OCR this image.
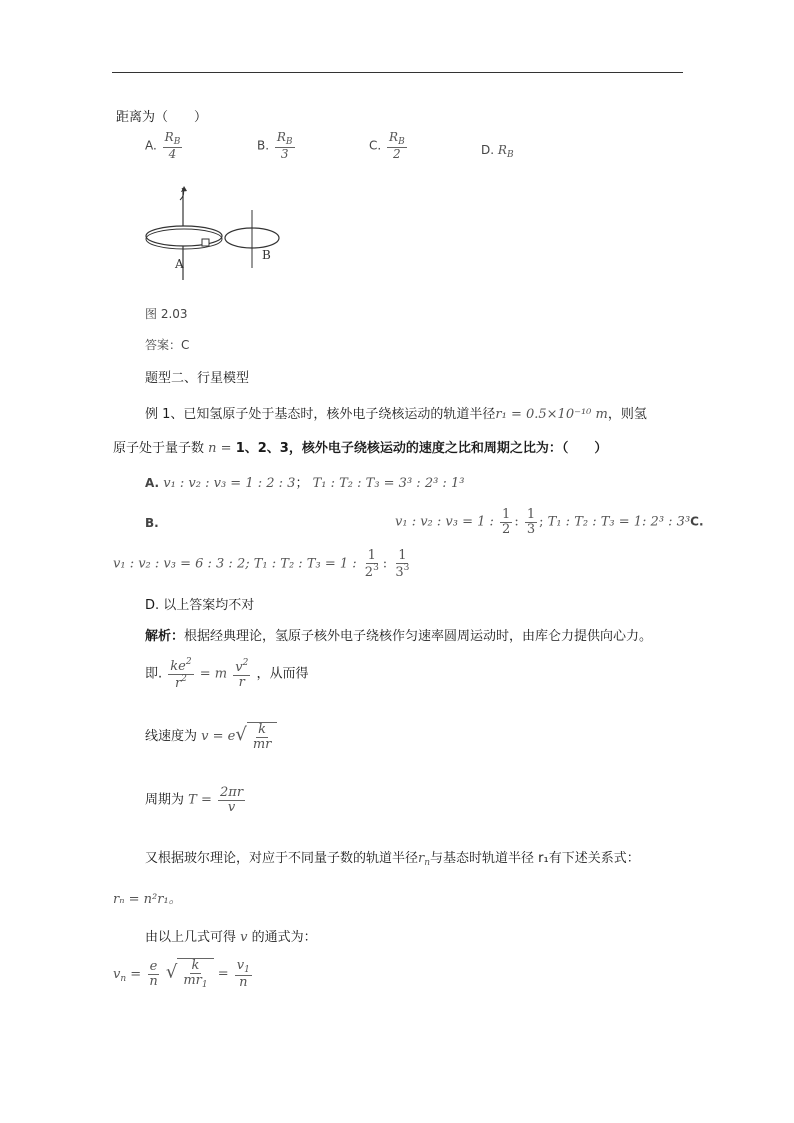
距离为（　　）
A. $\frac{R_B}{4}$	B. $\frac{R_B}{3}$	C. $\frac{R_B}{2}$	D. $R_B$
A
B
图 2.03
答案：C
题型二、行星模型
例 1、已知氢原子处于基态时，核外电子绕核运动的轨道半径r₁ = 0.5×10⁻¹⁰ m，则氢
原子处于量子数 n = 1、2、3，核外电子绕核运动的速度之比和周期之比为：（　　）
A. v₁ : v₂ : v₃ = 1 : 2 : 3； T₁ : T₂ : T₃ = 3³ : 2³ : 1³
B.	v₁ : v₂ : v₃ = 1 : $\frac{1}{2}$ : $\frac{1}{3}$ ; T₁ : T₂ : T₃ = 1: 2³ : 3³C.
v₁ : v₂ : v₃ = 6 : 3 : 2; T₁ : T₂ : T₃ = 1 : $\frac{1}{2^3}$ : $\frac{1}{3^3}$
D. 以上答案均不对
解析：根据经典理论，氢原子核外电子绕核作匀速率圆周运动时，由库仑力提供向心力。
即. $\frac{ke^2}{r^2} = m \frac{v^2}{r}$ ，从而得
线速度为 $v = e√ \frac{k}{mr}$
周期为 $T = \frac{2\pi r}{v}$
又根据玻尔理论，对应于不同量子数的轨道半径$r_n$与基态时轨道半径 r₁有下述关系式：
rₙ = n²r₁。
由以上几式可得 v 的通式为：
$v_n = \frac{e}{n}$ √ $\frac{k}{mr_1} = \frac{v_1}{n}$
